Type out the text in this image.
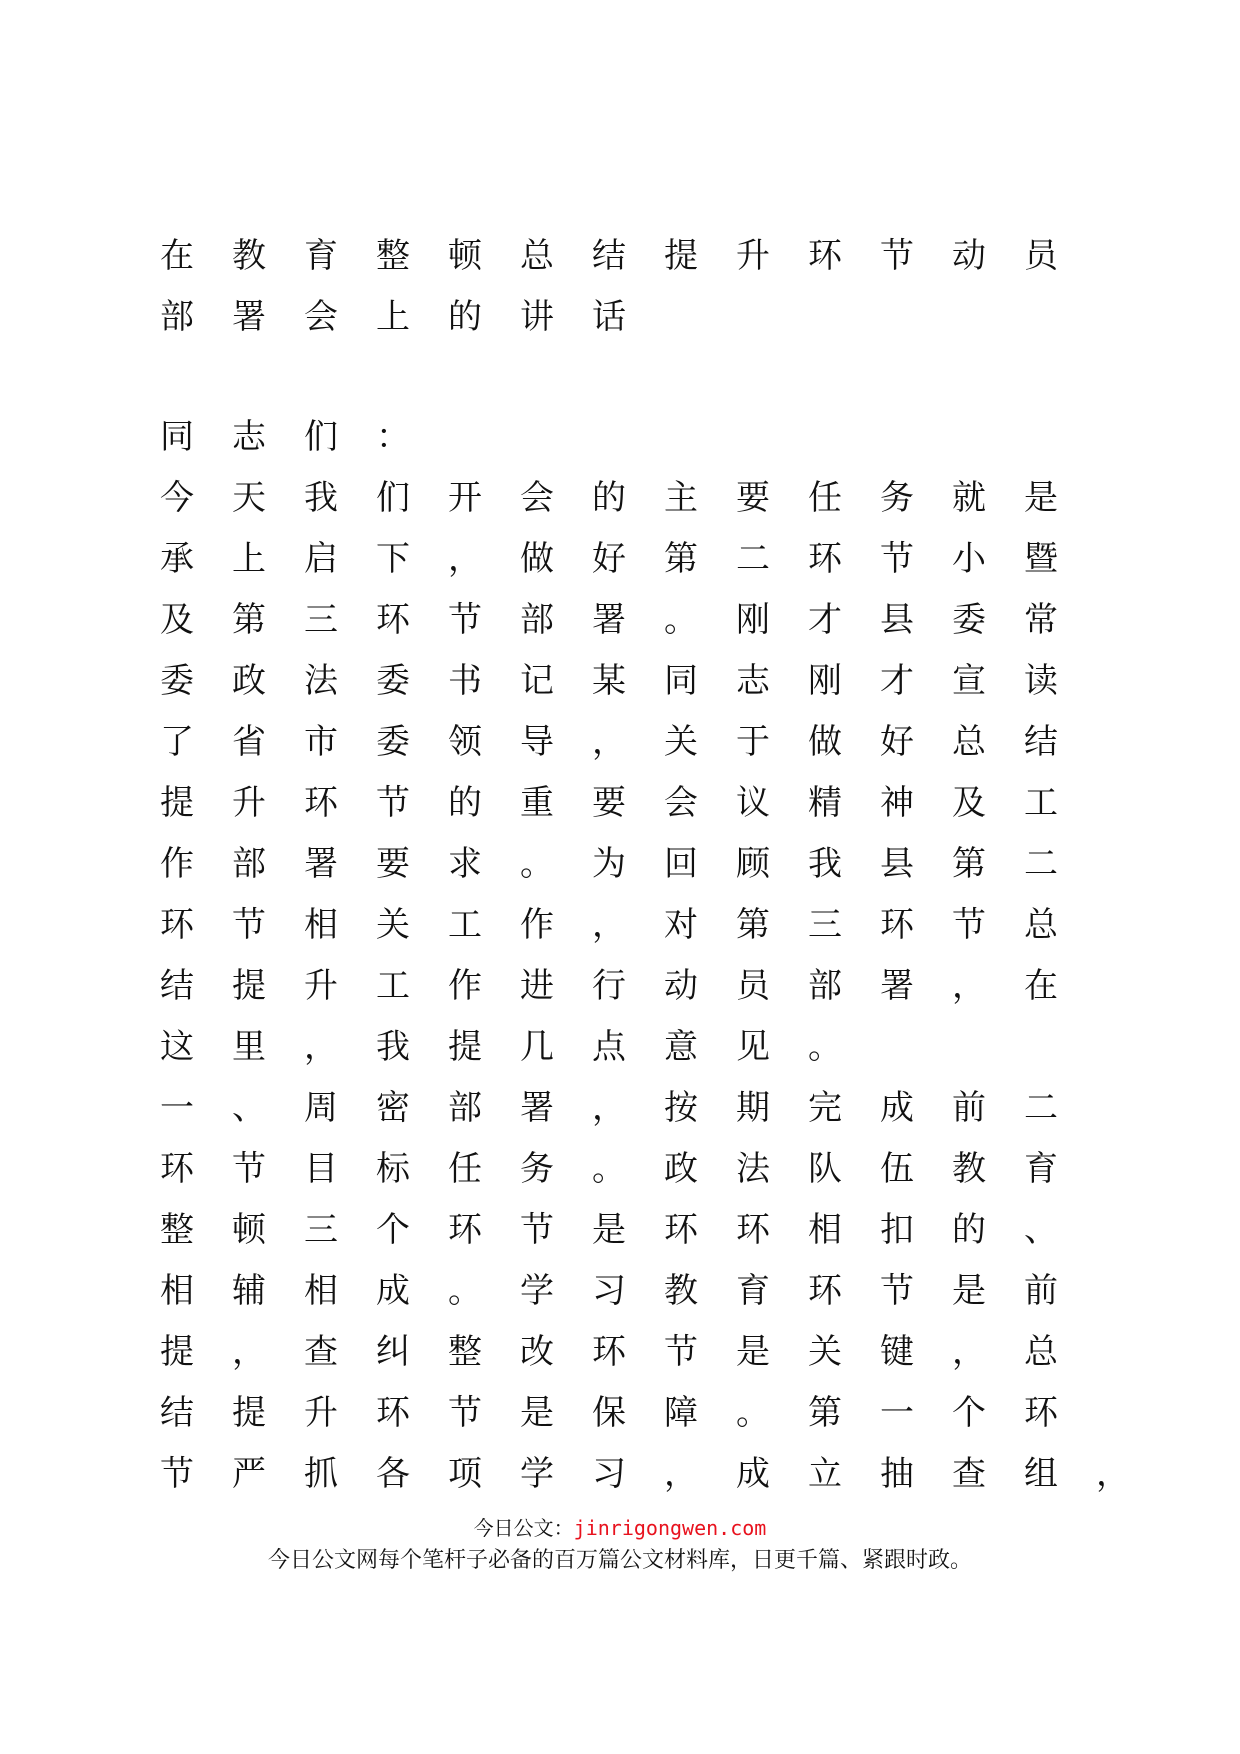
在教育整顿总结提升环节动员
部署会上的讲话
同志们：
今天我们开会的主要任务就是
承上启下，做好第二环节小暨
及第三环节部署。刚才县委常
委政法委书记某同志刚才宣读
了省市委领导，关于做好总结
提升环节的重要会议精神及工
作部署要求。为回顾我县第二
环节相关工作，对第三环节总
结提升工作进行动员部署，在
这里，我提几点意见。
一、周密部署，按期完成前二
环节目标任务。政法队伍教育
整顿三个环节是环环相扣的、
相辅相成。学习教育环节是前
提，查纠整改环节是关键，总
结提升环节是保障。第一个环
节严抓各项学习，成立抽查组，
今日公文：jinrigongwen.com
今日公文网每个笔杆子必备的百万篇公文材料库，日更千篇、紧跟时政。
